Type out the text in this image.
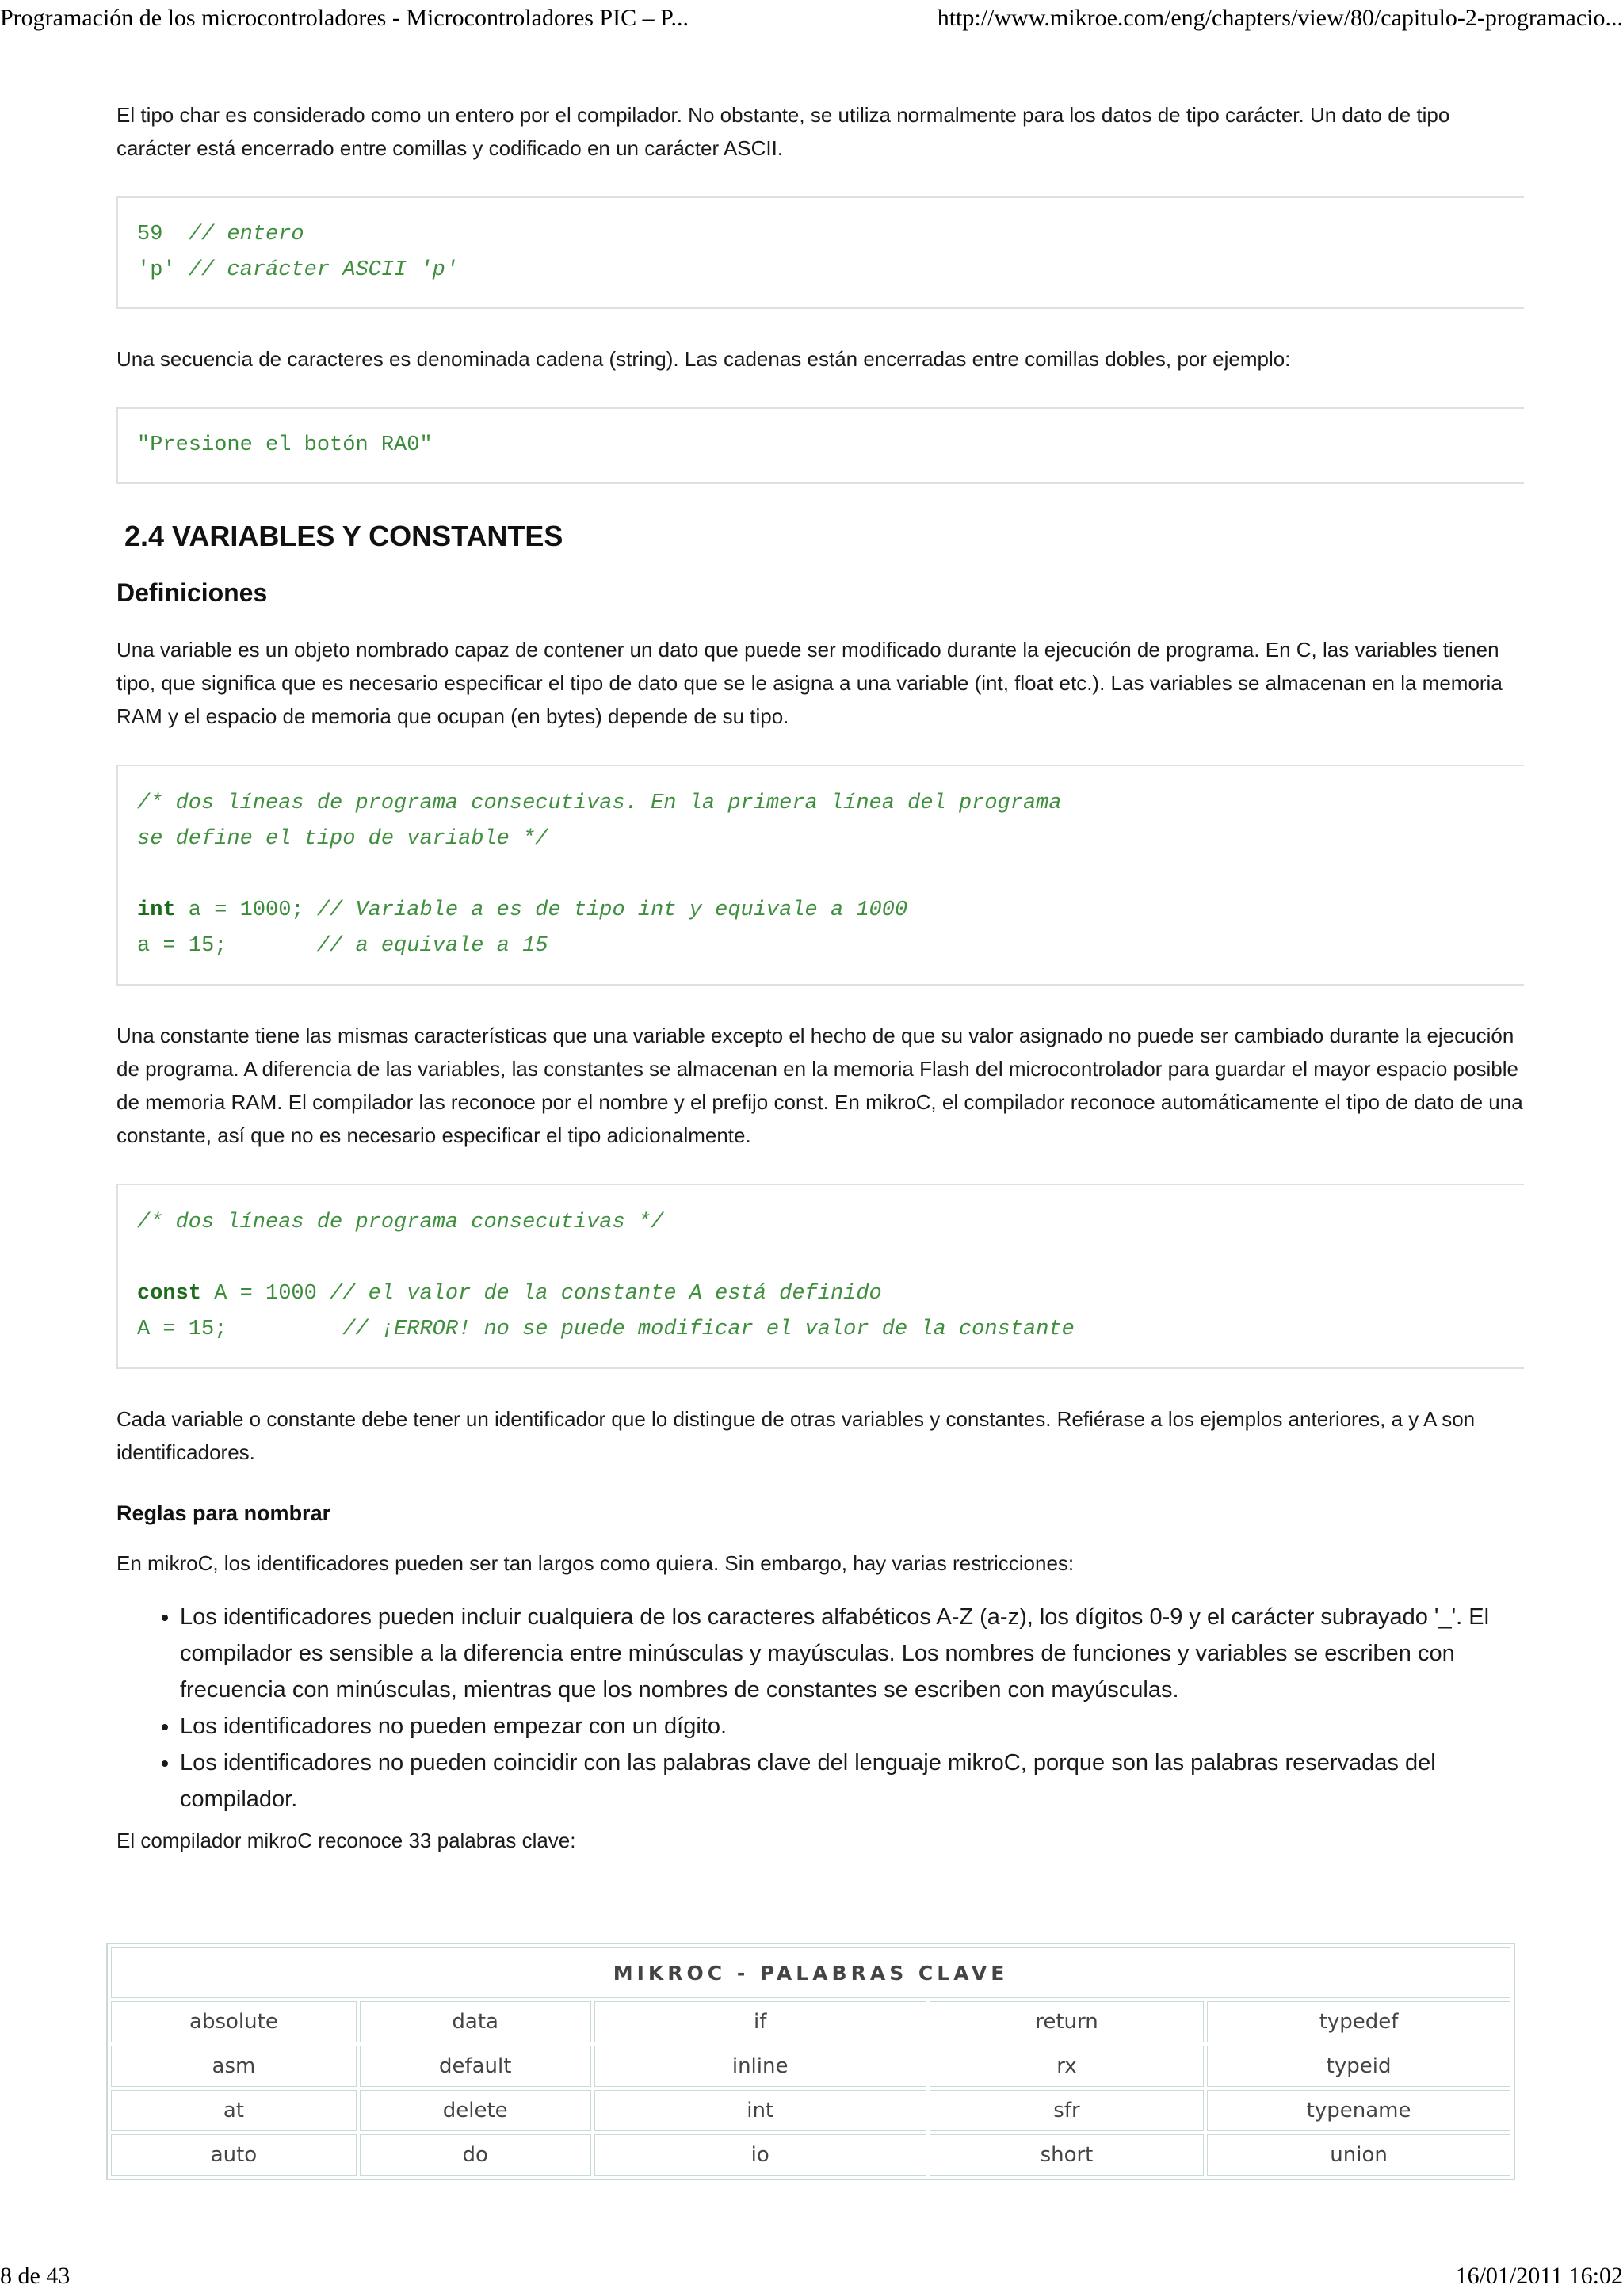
Programación de los microcontroladores - Microcontroladores PIC – P...	http://www.mikroe.com/eng/chapters/view/80/capitulo-2-programacio...

El tipo char es considerado como un entero por el compilador. No obstante, se utiliza normalmente para los datos de tipo carácter. Un dato de tipo carácter está encerrado entre comillas y codificado en un carácter ASCII.

59 // entero
'p' // carácter ASCII 'p'

Una secuencia de caracteres es denominada cadena (string). Las cadenas están encerradas entre comillas dobles, por ejemplo:

"Presione el botón RA0"
2.4 VARIABLES Y CONSTANTES
Definiciones

Una variable es un objeto nombrado capaz de contener un dato que puede ser modificado durante la ejecución de programa. En C, las variables tienen tipo, que significa que es necesario especificar el tipo de dato que se le asigna a una variable (int, float etc.). Las variables se almacenan en la memoria RAM y el espacio de memoria que ocupan (en bytes) depende de su tipo.

/* dos líneas de programa consecutivas. En la primera línea del programa
se define el tipo de variable */
int a = 1000; // Variable a es de tipo int y equivale a 1000
a = 15;       // a equivale a 15

Una constante tiene las mismas características que una variable excepto el hecho de que su valor asignado no puede ser cambiado durante la ejecución de programa. A diferencia de las variables, las constantes se almacenan en la memoria Flash del microcontrolador para guardar el mayor espacio posible de memoria RAM. El compilador las reconoce por el nombre y el prefijo const. En mikroC, el compilador reconoce automáticamente el tipo de dato de una constante, así que no es necesario especificar el tipo adicionalmente.

/* dos líneas de programa consecutivas */
const A = 1000 // el valor de la constante A está definido
A = 15;         // ¡ERROR! no se puede modificar el valor de la constante

Cada variable o constante debe tener un identificador que lo distingue de otras variables y constantes. Refiérase a los ejemplos anteriores, a y A son identificadores.

Reglas para nombrar

En mikroC, los identificadores pueden ser tan largos como quiera. Sin embargo, hay varias restricciones:

• Los identificadores pueden incluir cualquiera de los caracteres alfabéticos A-Z (a-z), los dígitos 0-9 y el carácter subrayado '_'. El compilador es sensible a la diferencia entre minúsculas y mayúsculas. Los nombres de funciones y variables se escriben con frecuencia con minúsculas, mientras que los nombres de constantes se escriben con mayúsculas.
• Los identificadores no pueden empezar con un dígito.
• Los identificadores no pueden coincidir con las palabras clave del lenguaje mikroC, porque son las palabras reservadas del compilador.

El compilador mikroC reconoce 33 palabras clave:

MIKROC - PALABRAS CLAVE				
absolute	data	if	return	typedef
asm	default	inline	rx	typeid
at	delete	int	sfr	typename
auto	do	io	short	union
8 de 43	16/01/2011 16:02
